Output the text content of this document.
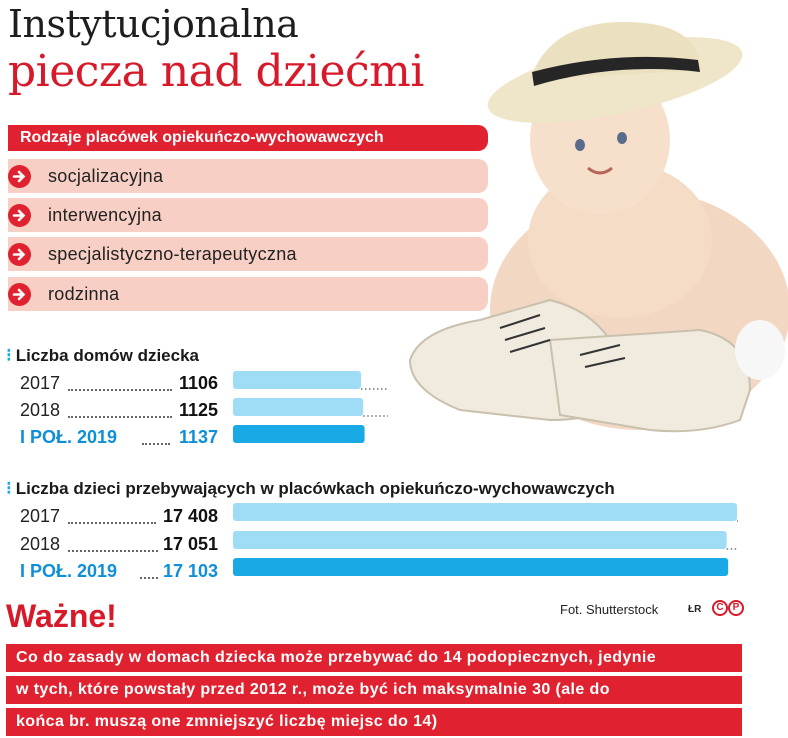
Instytucjonalna
piecza nad dziećmi
Rodzaje placówek opiekuńczo-wychowawczych
socjalizacyjna
interwencyjna
specjalistyczno-terapeutyczna
rodzinna
⁝ Liczba domów dziecka
2017	1106
2018	1125
I POŁ. 2019	1137
⁝ Liczba dzieci przebywających w placówkach opiekuńczo-wychowawczych
2017	17 408
2018	17 051
I POŁ. 2019	17 103
Ważne!	Fot. Shutterstock	ŁR	C P
Co do zasady w domach dziecka może przebywać do 14 podopiecznych, jedynie
w tych, które powstały przed 2012 r., może być ich maksymalnie 30 (ale do
końca br. muszą one zmniejszyć liczbę miejsc do 14)
